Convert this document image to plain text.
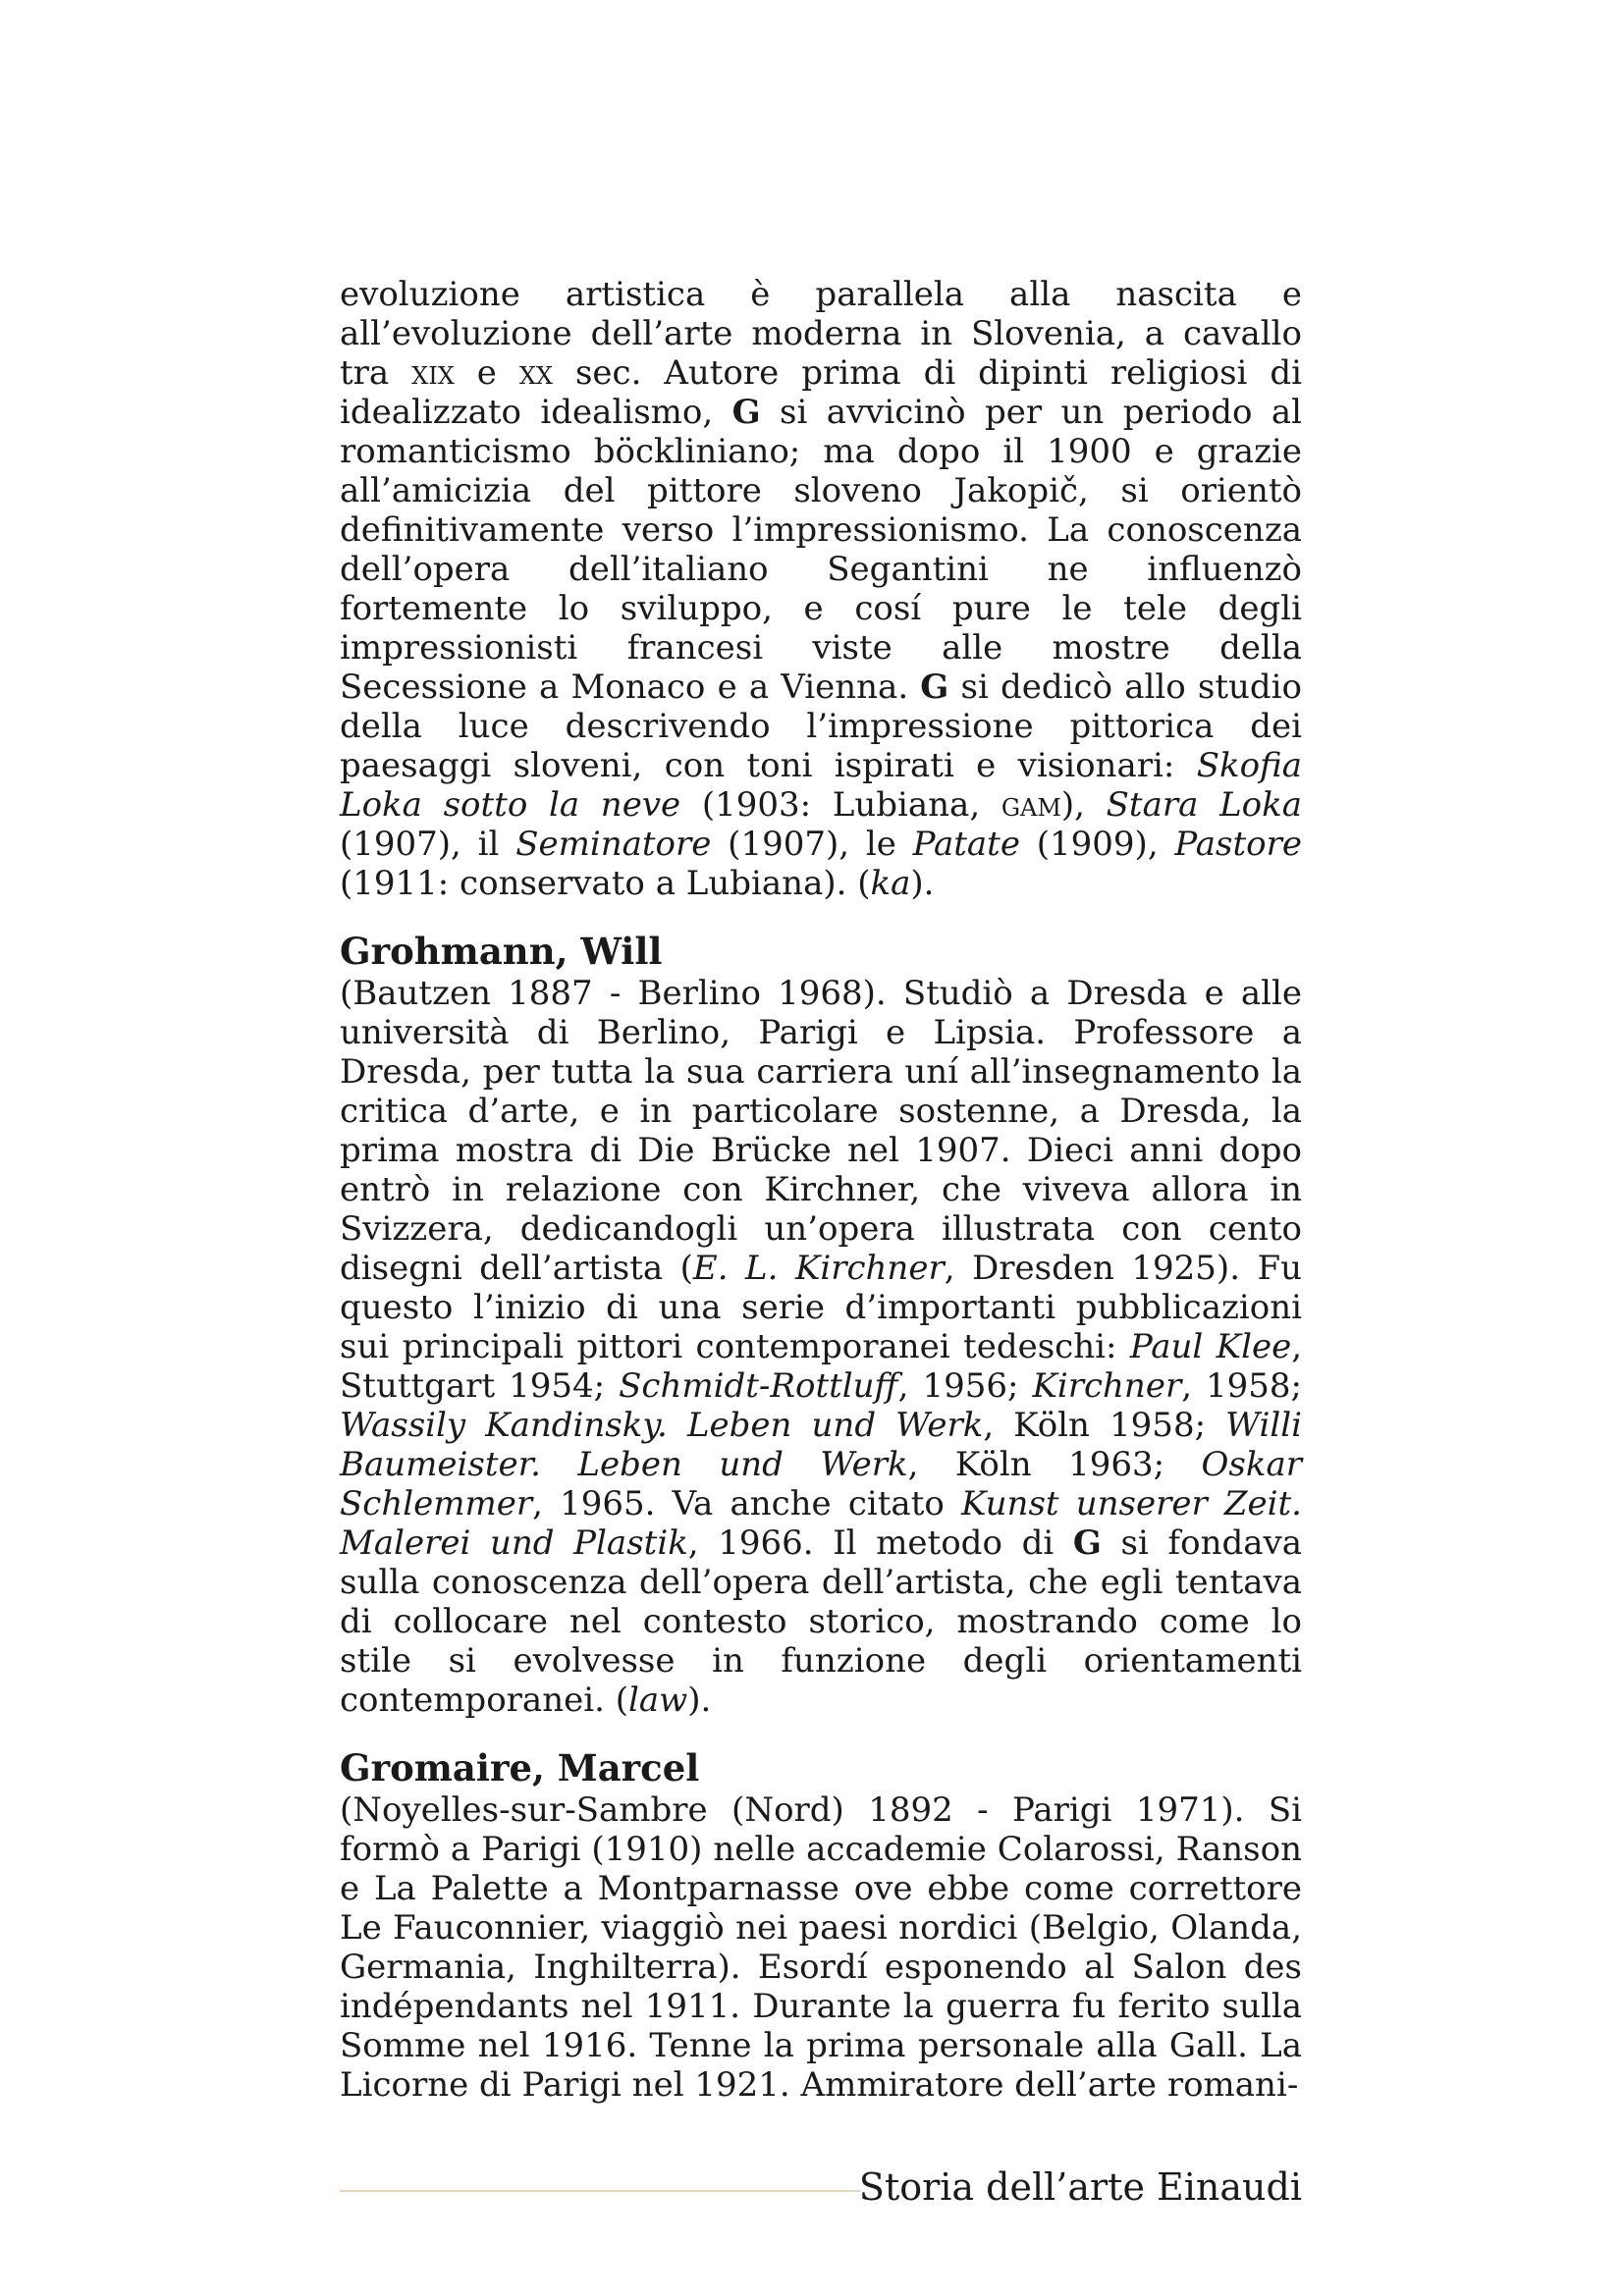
evoluzione artistica è parallela alla nascita e all’evoluzione dell’arte moderna in Slovenia, a cavallo tra xix e xx sec. Autore prima di dipinti religiosi di idealizzato idealismo, G si avvicinò per un periodo al romanticismo böckliniano; ma dopo il 1900 e grazie all’amicizia del pittore sloveno Jakopič, si orientò definitivamente verso l’impressionismo. La conoscenza dell’opera dell’italiano Segantini ne influenzò fortemente lo sviluppo, e cosí pure le tele degli impressionisti francesi viste alle mostre della Secessione a Monaco e a Vienna. G si dedicò allo studio della luce descrivendo l’impressione pittorica dei paesaggi sloveni, con toni ispirati e visionari: Skofia Loka sotto la neve (1903: Lubiana, gam), Stara Loka (1907), il Seminatore (1907), le Patate (1909), Pastore (1911: conservato a Lubiana). (ka).

Grohmann, Will

(Bautzen 1887 - Berlino 1968). Studiò a Dresda e alle università di Berlino, Parigi e Lipsia. Professore a Dresda, per tutta la sua carriera uní all’insegnamento la critica d’arte, e in particolare sostenne, a Dresda, la prima mostra di Die Brücke nel 1907. Dieci anni dopo entrò in relazione con Kirchner, che viveva allora in Svizzera, dedicandogli un’opera illustrata con cento disegni dell’artista (E. L. Kirchner, Dresden 1925). Fu questo l’inizio di una serie d’importanti pubblicazioni sui principali pittori contemporanei tedeschi: Paul Klee, Stuttgart 1954; Schmidt-Rottluff, 1956; Kirchner, 1958; Wassily Kandinsky. Leben und Werk, Köln 1958; Willi Baumeister. Leben und Werk, Köln 1963; Oskar Schlemmer, 1965. Va anche citato Kunst unserer Zeit. Malerei und Plastik, 1966. Il metodo di G si fondava sulla conoscenza dell’opera dell’artista, che egli tentava di collocare nel contesto storico, mostrando come lo stile si evolvesse in funzione degli orientamenti contemporanei. (law).

Gromaire, Marcel

(Noyelles-sur-Sambre (Nord) 1892 - Parigi 1971). Si formò a Parigi (1910) nelle accademie Colarossi, Ranson e La Palette a Montparnasse ove ebbe come correttore Le Fauconnier, viaggiò nei paesi nordici (Belgio, Olanda, Germania, Inghilterra). Esordí esponendo al Salon des indépendants nel 1911. Durante la guerra fu ferito sulla Somme nel 1916. Tenne la prima personale alla Gall. La Licorne di Parigi nel 1921. Ammiratore dell’arte romani-

Storia dell’arte Einaudi
